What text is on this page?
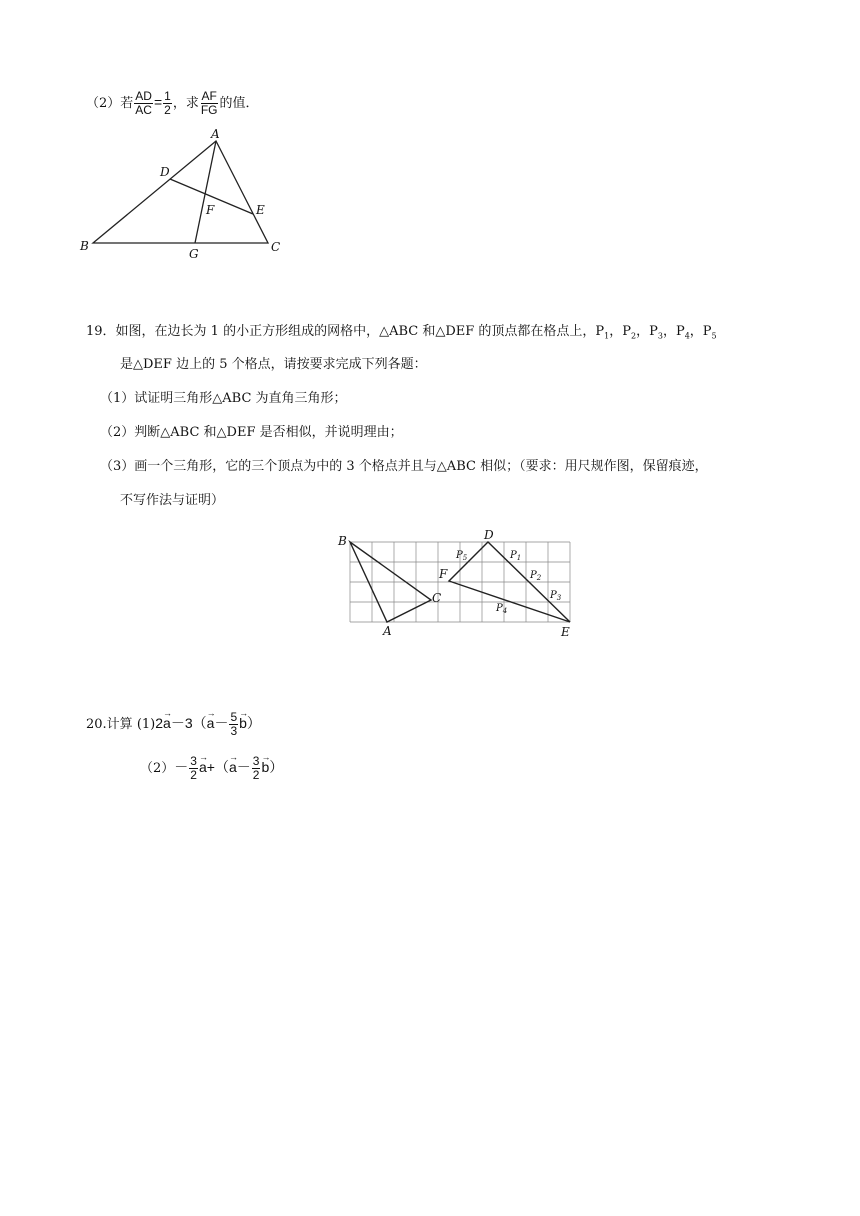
（2）若 $\frac{AD}{AC} = \frac{1}{2}$ ，求 $\frac{AF}{FG}$ 的值．
A
B	C
D
E
F
G
19．如图，在边长为 1 的小正方形组成的网格中，△ABC 和△DEF 的顶点都在格点上，$P_1$，$P_2$，$P_3$，$P_4$，$P_5$
是△DEF 边上的 5 个格点，请按要求完成下列各题：
（1）试证明三角形△ABC 为直角三角形；
（2）判断△ABC 和△DEF 是否相似，并说明理由；
（3）画一个三角形，它的三个顶点为中的 3 个格点并且与△ABC 相似；（要求：用尺规作图，保留痕迹，
不写作法与证明）
B
A
C
D
E
F
$P_5$	$P_1$
$P_2$
$P_3$
$P_4$
20.计算 $(1)2\to a-3(\to a- \frac{5}{3}$
→ b）
$(2)- \frac{3}{2}$
→ $a+(\to a- \frac{3}{2}$
→ b）
